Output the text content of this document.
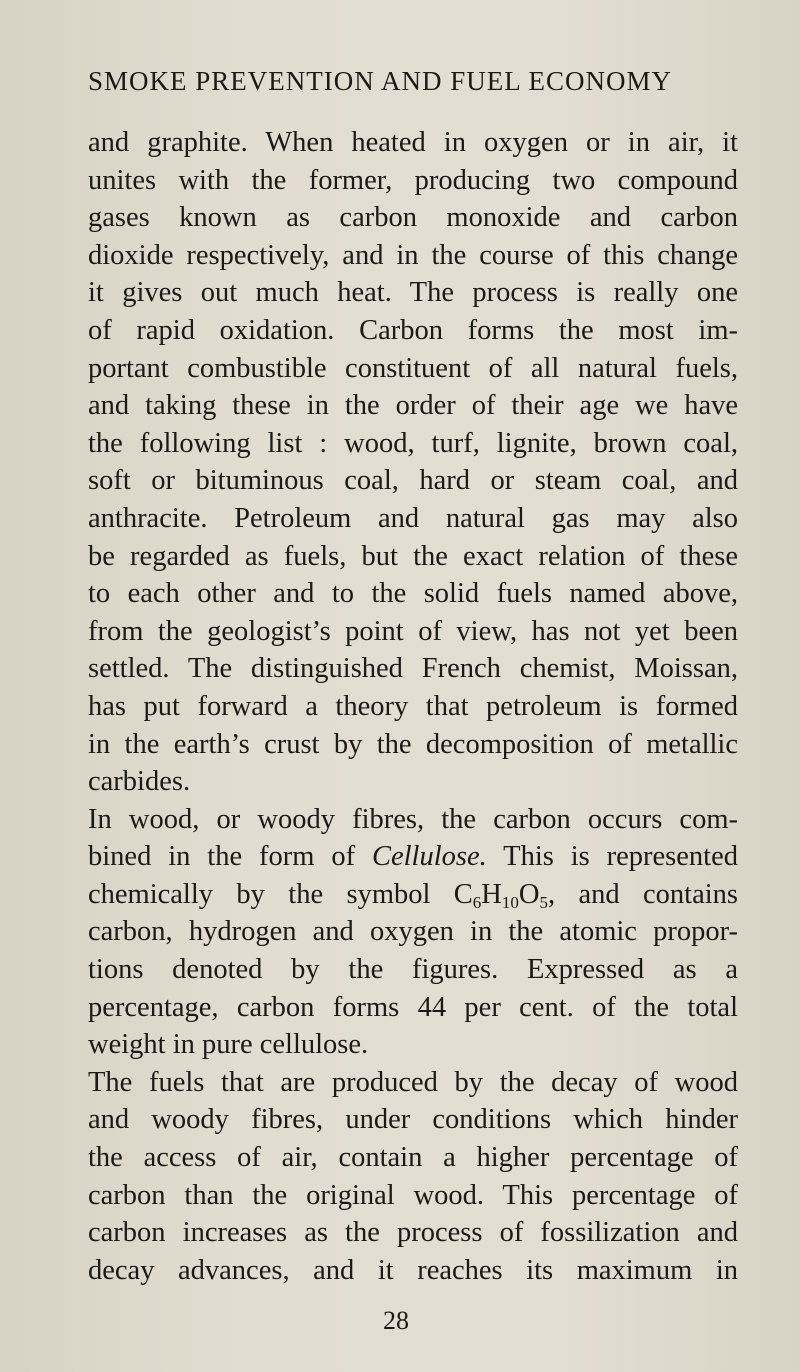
SMOKE PREVENTION AND FUEL ECONOMY

and graphite. When heated in oxygen or in air, it

unites with the former, producing two compound

gases known as carbon monoxide and carbon

dioxide respectively, and in the course of this change

it gives out much heat. The process is really one

of rapid oxidation. Carbon forms the most im-

portant combustible constituent of all natural fuels,

and taking these in the order of their age we have

the following list : wood, turf, lignite, brown coal,

soft or bituminous coal, hard or steam coal, and

anthracite. Petroleum and natural gas may also

be regarded as fuels, but the exact relation of these

to each other and to the solid fuels named above,

from the geologist’s point of view, has not yet been

settled. The distinguished French chemist, Moissan,

has put forward a theory that petroleum is formed

in the earth’s crust by the decomposition of metallic

carbides.

In wood, or woody fibres, the carbon occurs com-

bined in the form of Cellulose. This is represented

chemically by the symbol $C_6H_{10}O_5$, and contains

carbon, hydrogen and oxygen in the atomic propor-

tions denoted by the figures. Expressed as a

percentage, carbon forms 44 per cent. of the total

weight in pure cellulose.

The fuels that are produced by the decay of wood

and woody fibres, under conditions which hinder

the access of air, contain a higher percentage of

carbon than the original wood. This percentage of

carbon increases as the process of fossilization and

decay advances, and it reaches its maximum in

28
